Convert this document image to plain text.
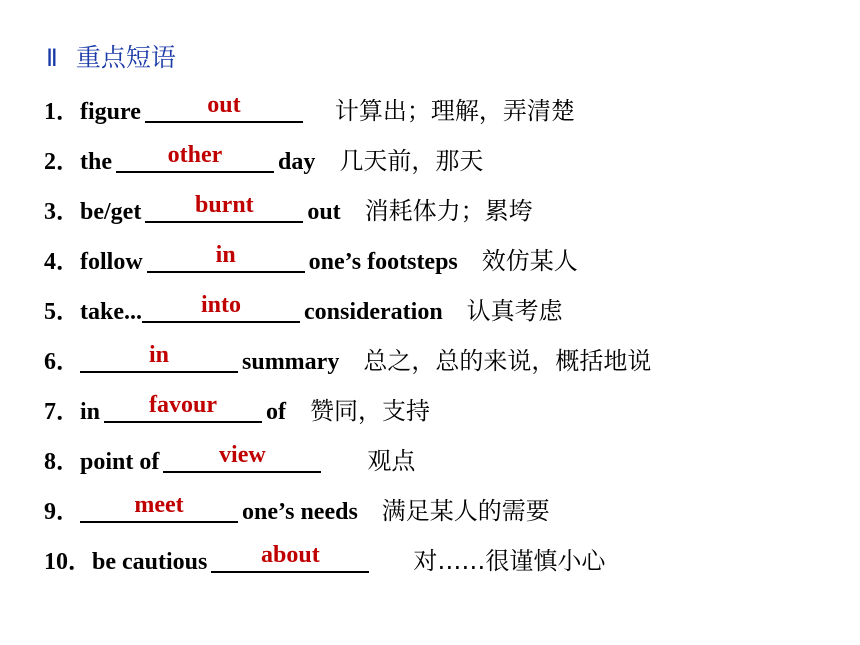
Ⅱ 重点短语
1． figure	out	计算出；理解，弄清楚
2． the	other	day 几天前，那天
3． be/get	burnt	out 消耗体力；累垮
4． follow	in	one’s footsteps 效仿某人
5． take...	into	consideration 认真考虑
6．	in	summary 总之，总的来说，概括地说
7． in	favour	of 赞同，支持
8． point of	view	观点
9．	meet	one’s needs 满足某人的需要
10． be cautious	about	对……很谨慎小心
